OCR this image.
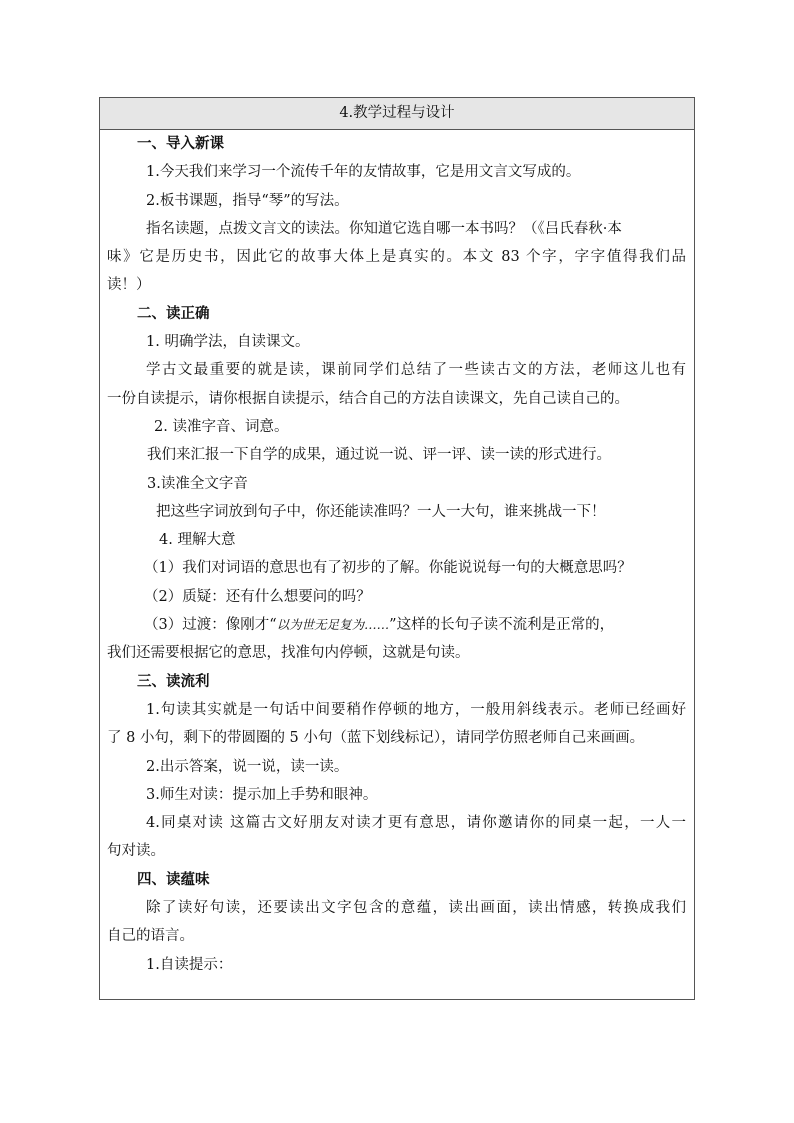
4.教学过程与设计
一、导入新课
1.今天我们来学习一个流传千年的友情故事，它是用文言文写成的。
2.板书课题，指导“琴”的写法。
指名读题，点拨文言文的读法。你知道它选自哪一本书吗？（《吕氏春秋·本
味》它是历史书，因此它的故事大体上是真实的。本文 83 个字，字字值得我们品
读！）
二、读正确
1. 明确学法，自读课文。
学古文最重要的就是读，课前同学们总结了一些读古文的方法，老师这儿也有
一份自读提示，请你根据自读提示，结合自己的方法自读课文，先自己读自己的。
2. 读准字音、词意。
我们来汇报一下自学的成果，通过说一说、评一评、读一读的形式进行。
3.读准全文字音
把这些字词放到句子中，你还能读准吗？一人一大句，谁来挑战一下！
4. 理解大意
（1）我们对词语的意思也有了初步的了解。你能说说每一句的大概意思吗？
（2）质疑：还有什么想要问的吗？
（3）过渡：像刚才“以为世无足复为……”这样的长句子读不流利是正常的，
我们还需要根据它的意思，找准句内停顿，这就是句读。
三、读流利
1.句读其实就是一句话中间要稍作停顿的地方，一般用斜线表示。老师已经画好
了 8 小句，剩下的带圆圈的 5 小句（蓝下划线标记），请同学仿照老师自己来画画。
2.出示答案，说一说，读一读。
3.师生对读：提示加上手势和眼神。
4.同桌对读 这篇古文好朋友对读才更有意思，请你邀请你的同桌一起，一人一
句对读。
四、读蕴味
除了读好句读，还要读出文字包含的意蕴，读出画面，读出情感，转换成我们
自己的语言。
1.自读提示：
